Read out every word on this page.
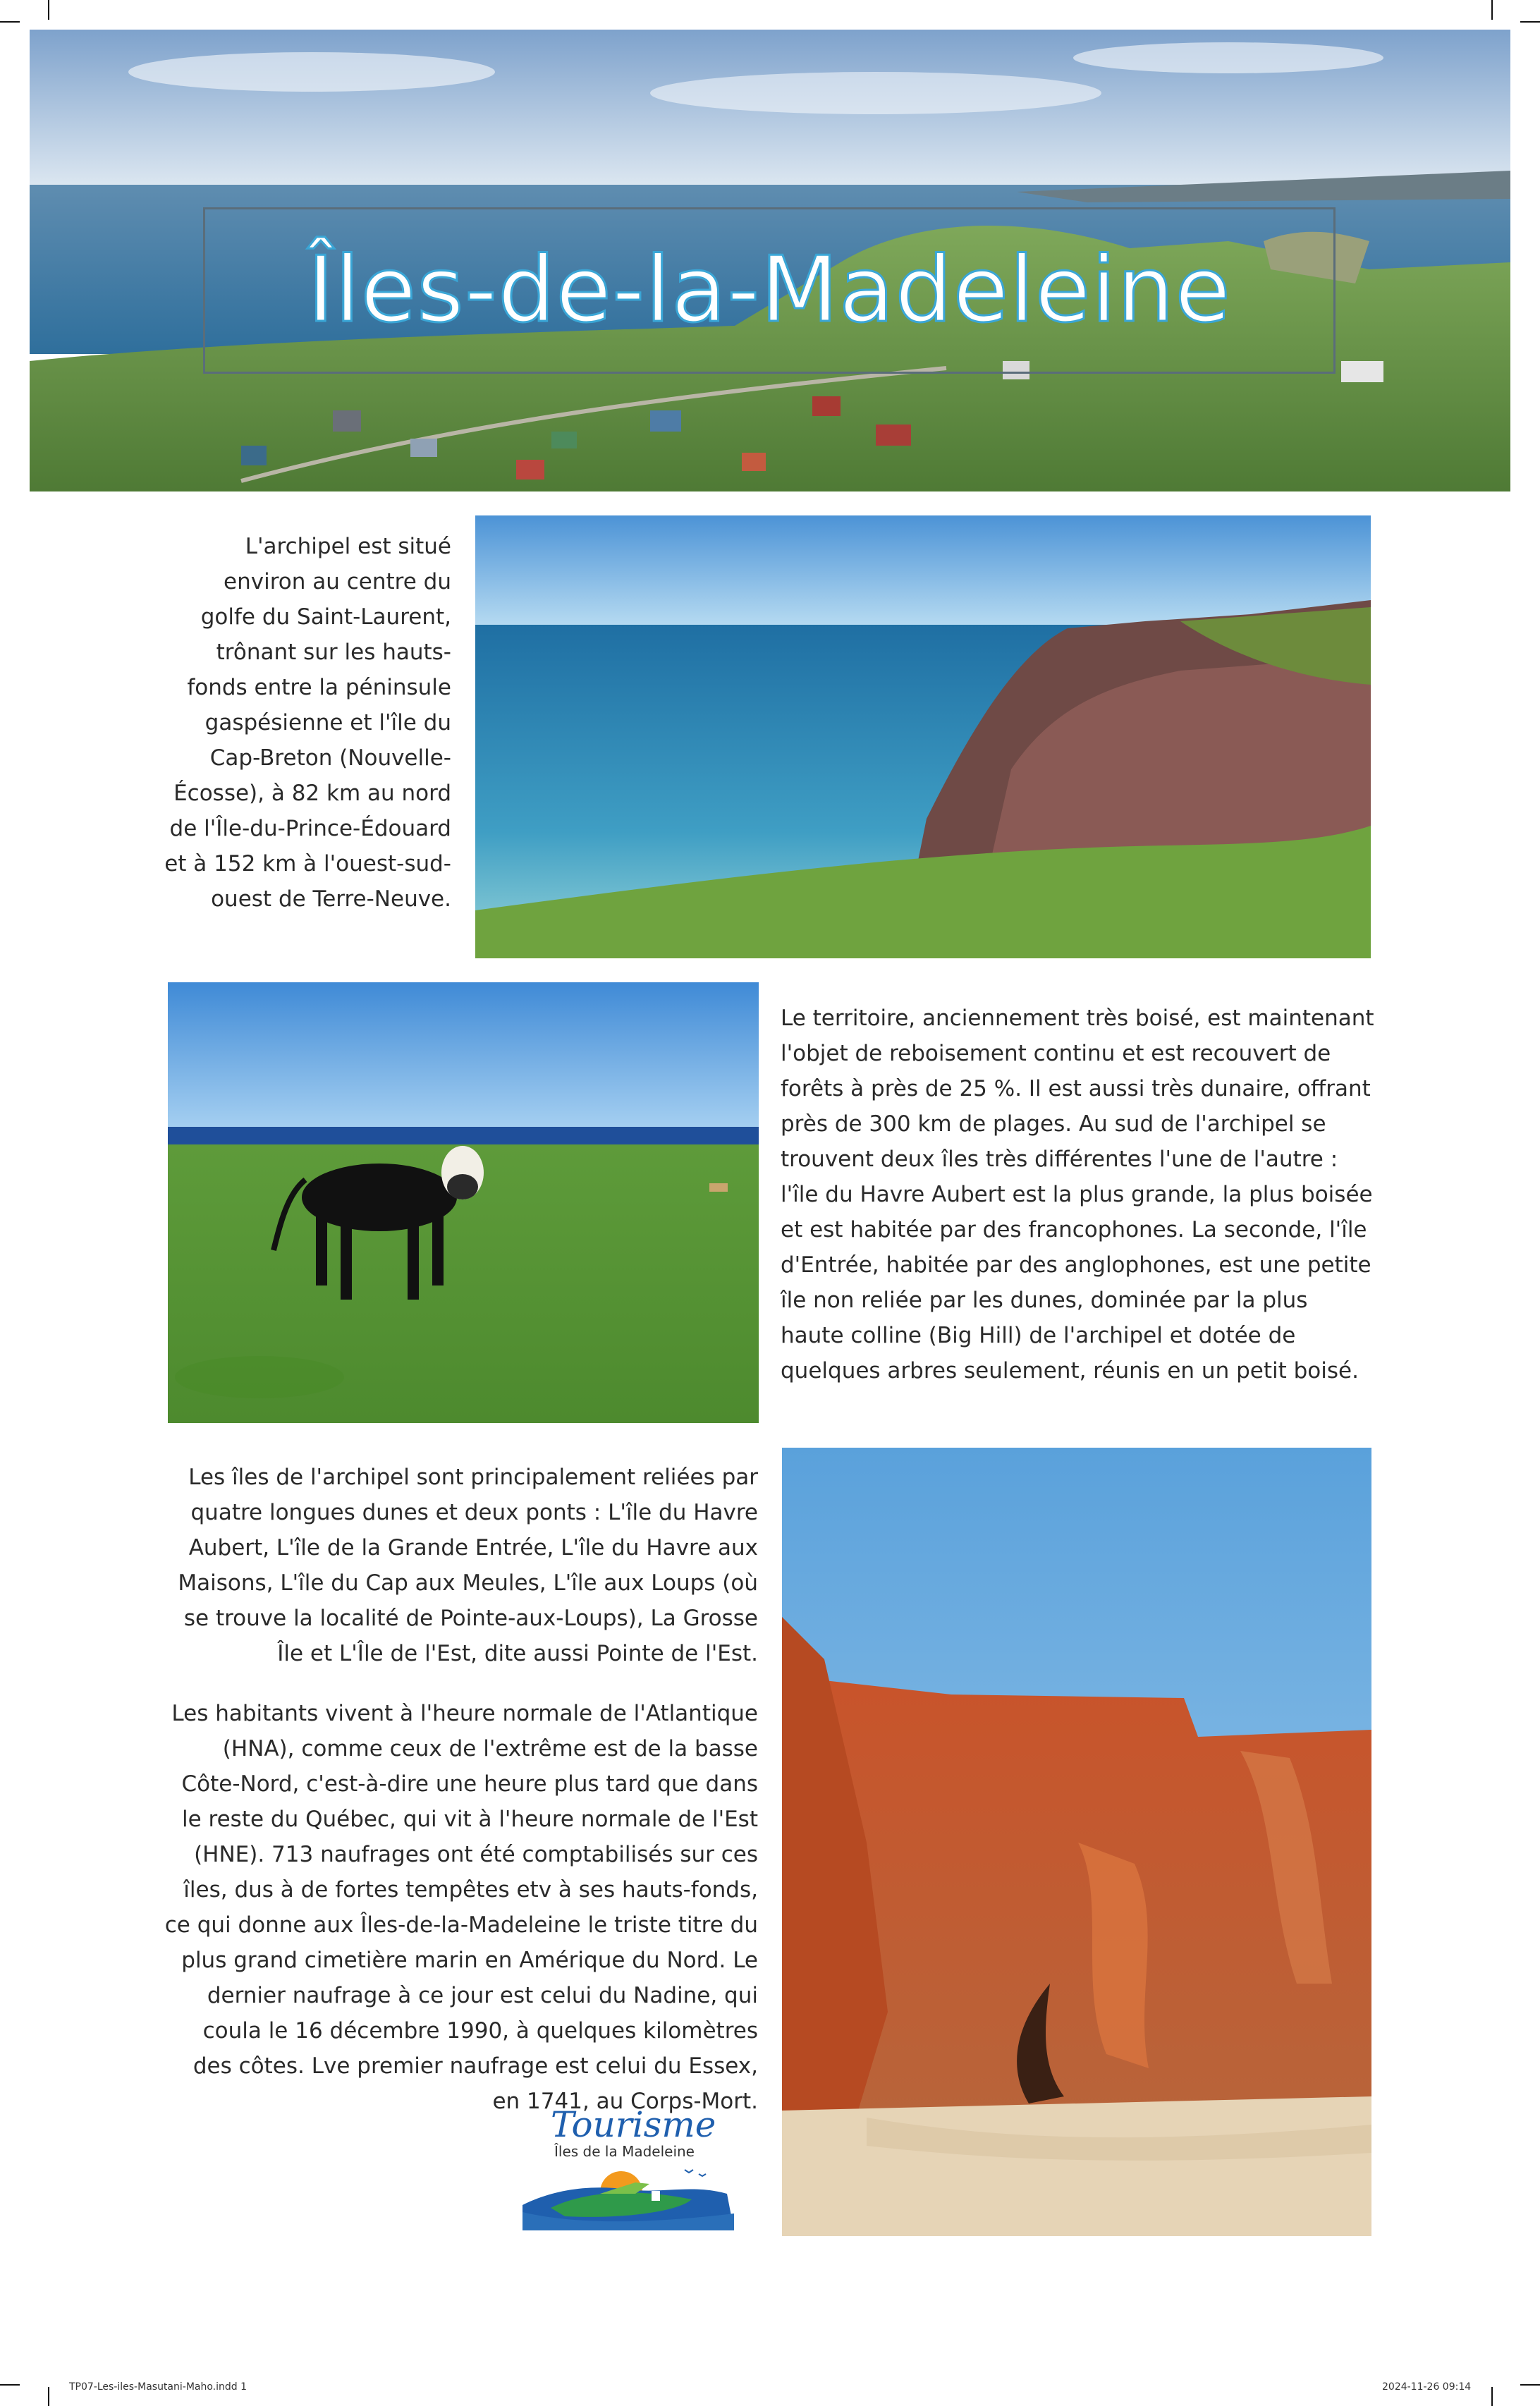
Îles-de-la-Madeleine

L'archipel est situé environ au centre du golfe du Saint-Laurent, trônant sur les hauts-fonds entre la péninsule gaspésienne et l'île du Cap-Breton (Nouvelle-Écosse), à 82 km au nord de l'Île-du-Prince-Édouard et à 152 km à l'ouest-sud-ouest de Terre-Neuve.

Le territoire, anciennement très boisé, est maintenant l'objet de reboisement continu et est recouvert de forêts à près de 25 %. Il est aussi très dunaire, offrant près de 300 km de plages. Au sud de l'archipel se trouvent deux îles très différentes l'une de l'autre : l'île du Havre Aubert est la plus grande, la plus boisée et est habitée par des francophones. La seconde, l'île d'Entrée, habitée par des anglophones, est une petite île non reliée par les dunes, dominée par la plus haute colline (Big Hill) de l'archipel et dotée de quelques arbres seulement, réunis en un petit boisé.

Les îles de l'archipel sont principalement reliées par quatre longues dunes et deux ponts : L'île du Havre Aubert, L'île de la Grande Entrée, L'île du Havre aux Maisons, L'île du Cap aux Meules, L'île aux Loups (où se trouve la localité de Pointe-aux-Loups), La Grosse Île et L'Île de l'Est, dite aussi Pointe de l'Est.

Les habitants vivent à l'heure normale de l'Atlantique (HNA), comme ceux de l'extrême est de la basse Côte-Nord, c'est-à-dire une heure plus tard que dans le reste du Québec, qui vit à l'heure normale de l'Est (HNE). 713 naufrages ont été comptabilisés sur ces îles, dus à de fortes tempêtes etv à ses hauts-fonds, ce qui donne aux Îles-de-la-Madeleine le triste titre du plus grand cimetière marin en Amérique du Nord. Le dernier naufrage à ce jour est celui du Nadine, qui coula le 16 décembre 1990, à quelques kilomètres des côtes. Lve premier naufrage est celui du Essex, en 1741, au Corps-Mort.

Tourisme
Îles de la Madeleine
TP07-Les-iles-Masutani-Maho.indd 1	2024-11-26 09:14
